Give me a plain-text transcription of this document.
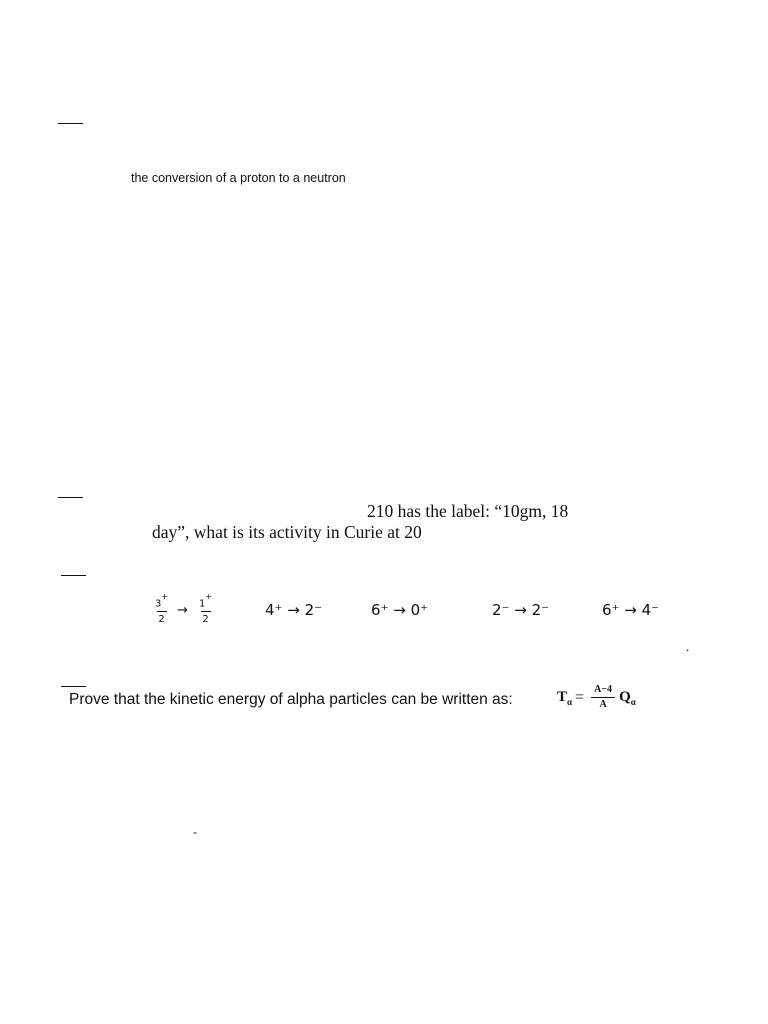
the conversion of a proton to a neutron
210 has the label: “10gm, 18
day”, what is its activity in Curie at 20
3+
2
→ 1+
2
4⁺ → 2⁻	6⁺ → 0⁺	2⁻ → 2⁻	6⁺ → 4⁻
.
Prove that the kinetic energy of alpha particles can be written as:	T α = A−4
A Q α
-
